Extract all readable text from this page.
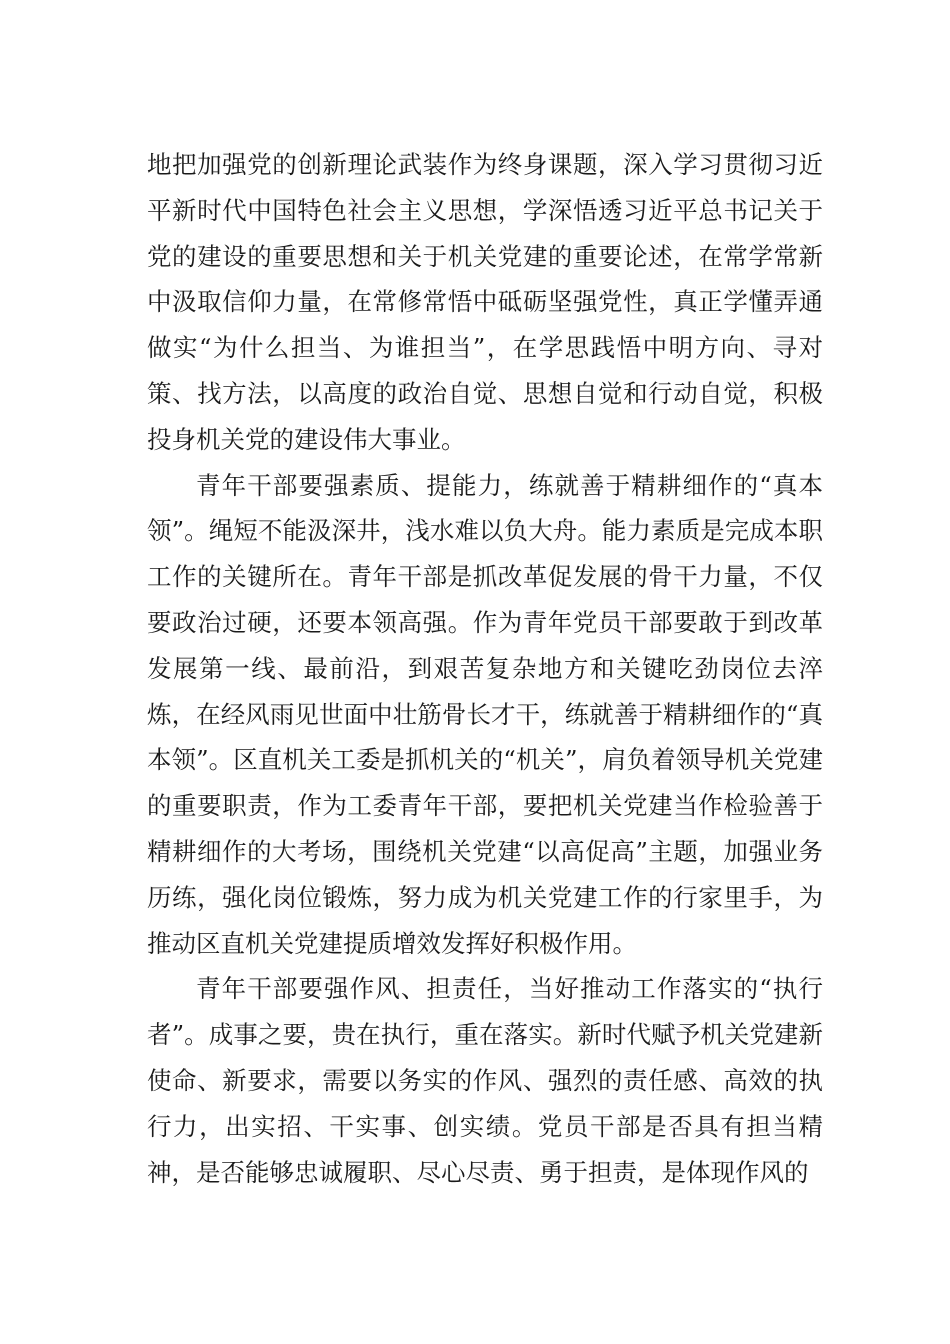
地把加强党的创新理论武装作为终身课题，深入学习贯彻习近平新时代中国特色社会主义思想，学深悟透习近平总书记关于党的建设的重要思想和关于机关党建的重要论述，在常学常新中汲取信仰力量，在常修常悟中砥砺坚强党性，真正学懂弄通做实“为什么担当、为谁担当”，在学思践悟中明方向、寻对策、找方法，以高度的政治自觉、思想自觉和行动自觉，积极投身机关党的建设伟大事业。

青年干部要强素质、提能力，练就善于精耕细作的“真本领”。绳短不能汲深井，浅水难以负大舟。能力素质是完成本职工作的关键所在。青年干部是抓改革促发展的骨干力量，不仅要政治过硬，还要本领高强。作为青年党员干部要敢于到改革发展第一线、最前沿，到艰苦复杂地方和关键吃劲岗位去淬炼，在经风雨见世面中壮筋骨长才干，练就善于精耕细作的“真本领”。区直机关工委是抓机关的“机关”，肩负着领导机关党建的重要职责，作为工委青年干部，要把机关党建当作检验善于精耕细作的大考场，围绕机关党建“以高促高”主题，加强业务历练，强化岗位锻炼，努力成为机关党建工作的行家里手，为推动区直机关党建提质增效发挥好积极作用。

青年干部要强作风、担责任，当好推动工作落实的“执行者”。成事之要，贵在执行，重在落实。新时代赋予机关党建新使命、新要求，需要以务实的作风、强烈的责任感、高效的执行力，出实招、干实事、创实绩。党员干部是否具有担当精神，是否能够忠诚履职、尽心尽责、勇于担责，是体现作风的
